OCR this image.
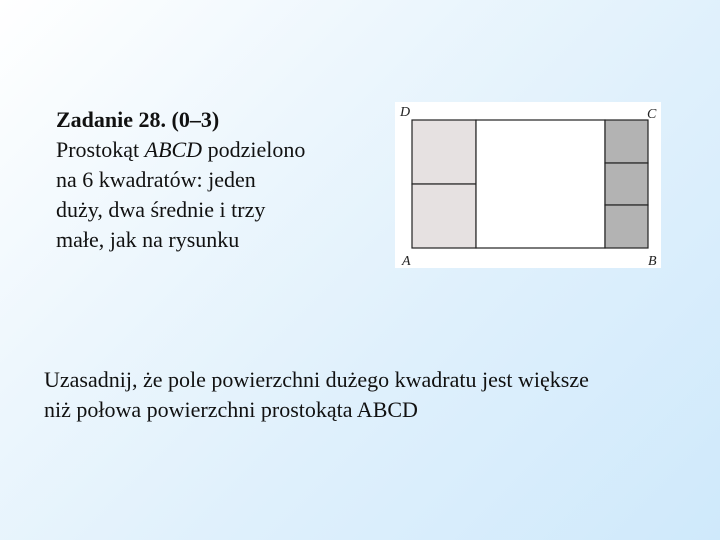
Zadanie 28. (0–3)
Prostokąt ABCD podzielono
na 6 kwadratów: jeden
duży, dwa średnie i trzy
małe, jak na rysunku
D	C
A	B
Uzasadnij, że pole powierzchni dużego kwadratu jest większe
niż połowa powierzchni prostokąta ABCD
